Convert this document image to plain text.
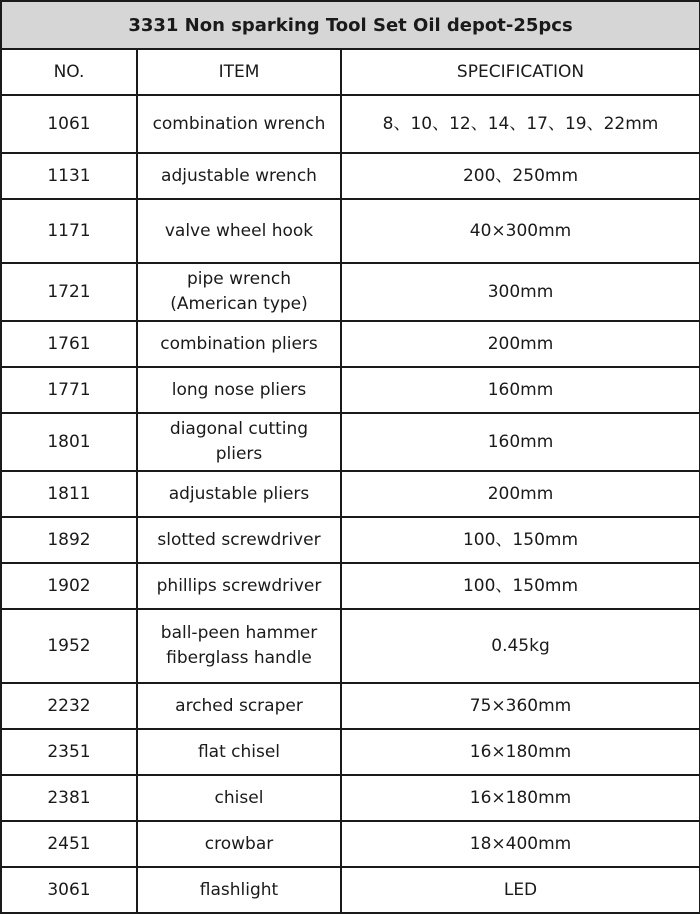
3331 Non sparking Tool Set Oil depot-25pcs		
NO.	ITEM	SPECIFICATION
1061	combination wrench	8、10、12、14、17、19、22mm
1131	adjustable wrench	200、250mm
1171	valve wheel hook	40×300mm
1721	pipe wrench (American type)	300mm
1761	combination pliers	200mm
1771	long nose pliers	160mm
1801	diagonal cutting pliers	160mm
1811	adjustable pliers	200mm
1892	slotted screwdriver	100、150mm
1902	phillips screwdriver	100、150mm
1952	ball-peen hammer fiberglass handle	0.45kg
2232	arched scraper	75×360mm
2351	flat chisel	16×180mm
2381	chisel	16×180mm
2451	crowbar	18×400mm
3061	flashlight	LED
